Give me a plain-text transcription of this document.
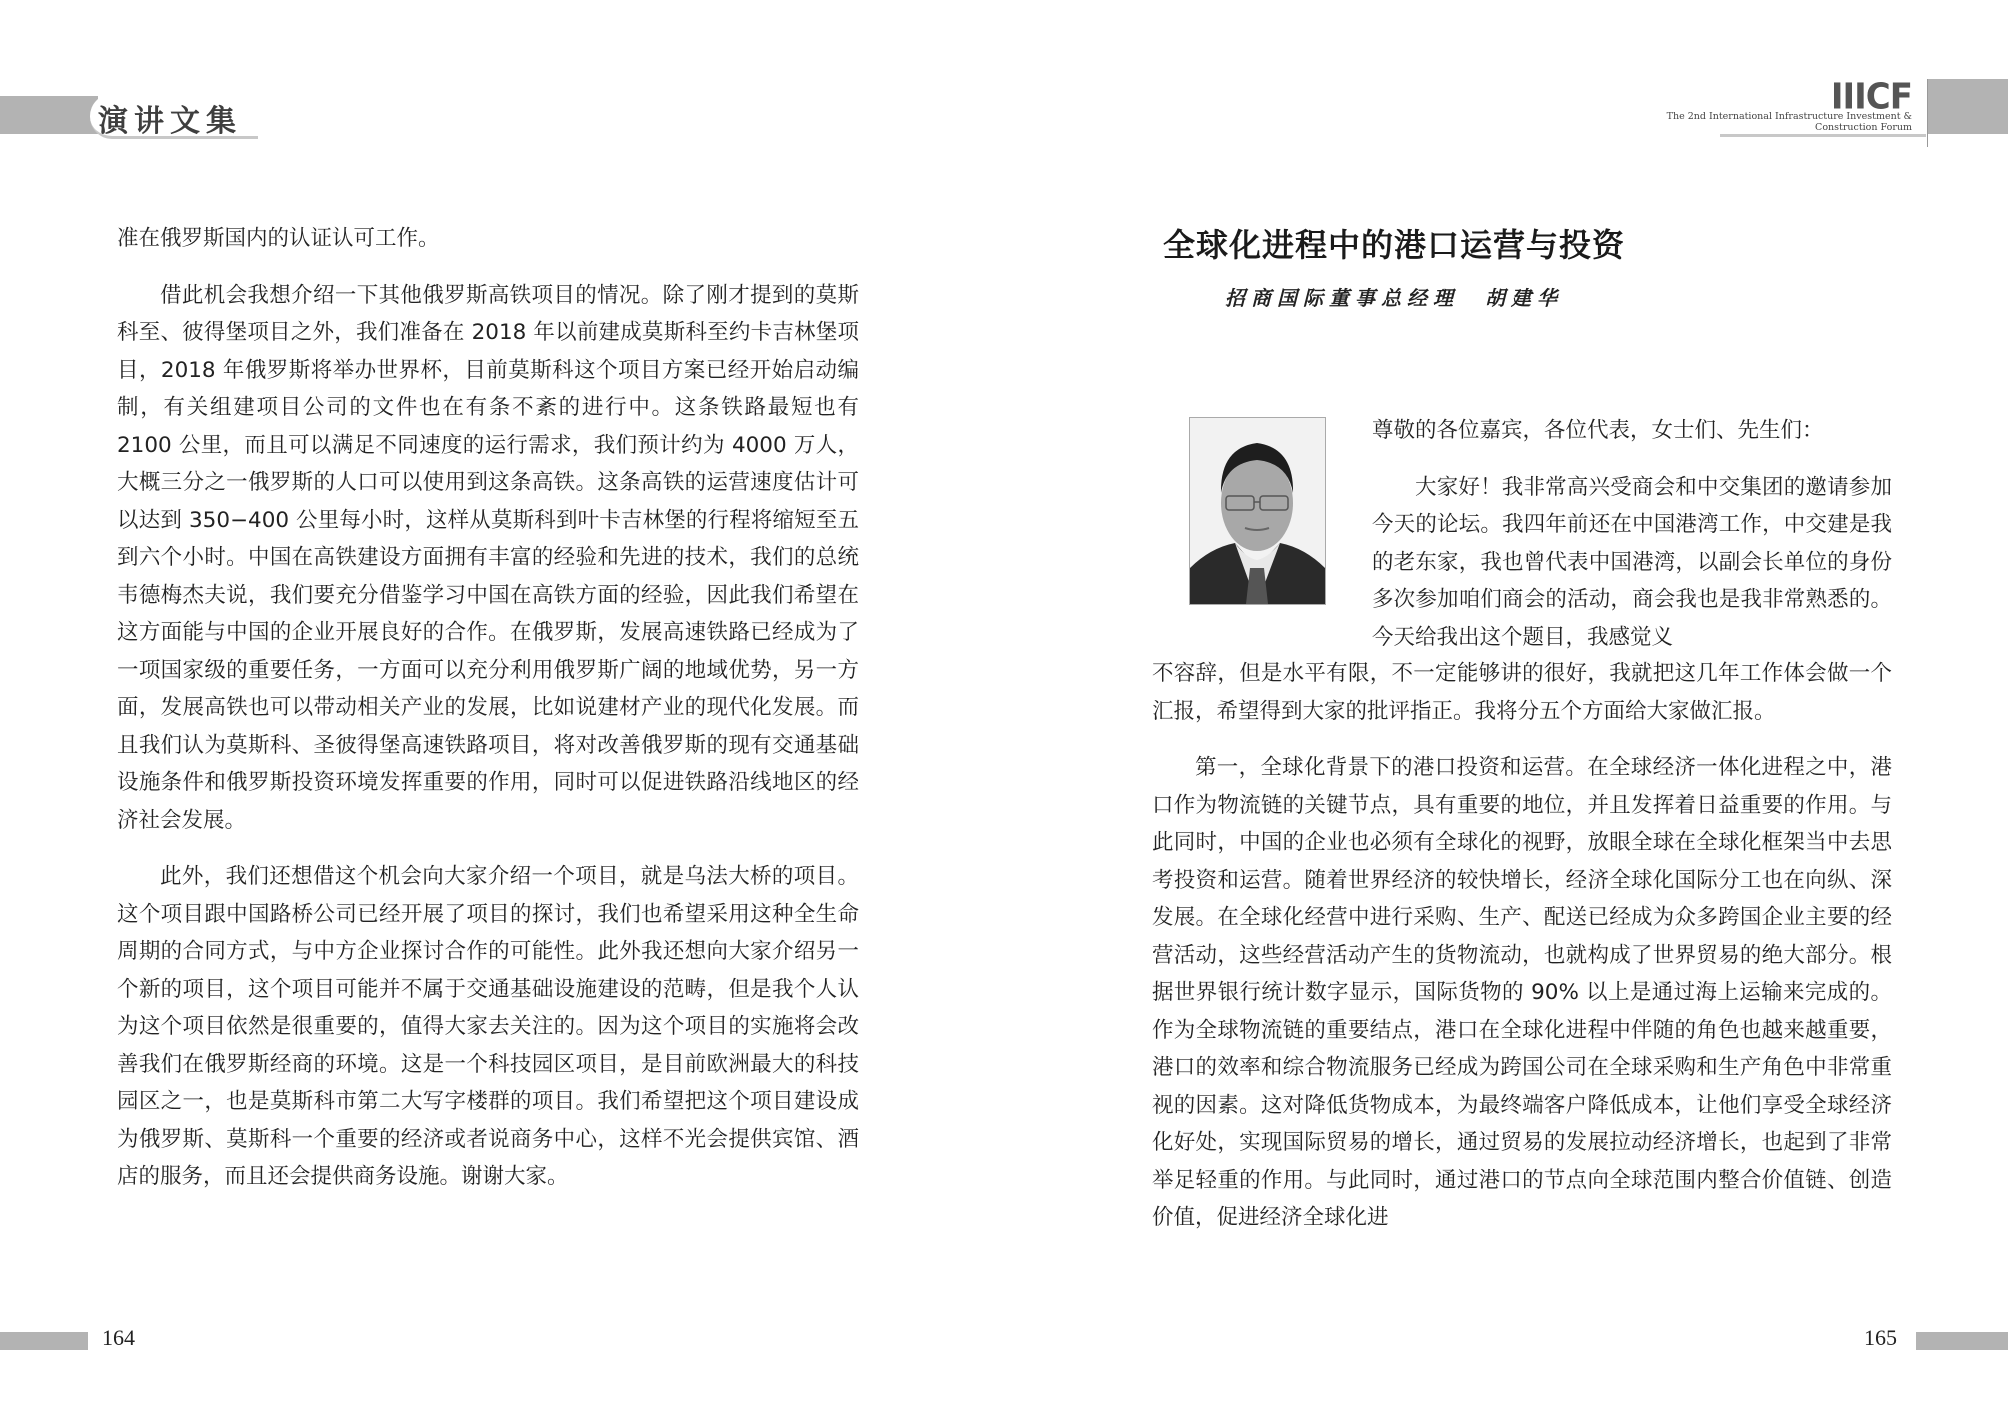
演讲文集

准在俄罗斯国内的认证认可工作。

借此机会我想介绍一下其他俄罗斯高铁项目的情况。除了刚才提到的莫斯科至、彼得堡项目之外，我们准备在 2018 年以前建成莫斯科至约卡吉林堡项目，2018 年俄罗斯将举办世界杯，目前莫斯科这个项目方案已经开始启动编制，有关组建项目公司的文件也在有条不紊的进行中。这条铁路最短也有 2100 公里，而且可以满足不同速度的运行需求，我们预计约为 4000 万人，大概三分之一俄罗斯的人口可以使用到这条高铁。这条高铁的运营速度估计可以达到 350−400 公里每小时，这样从莫斯科到叶卡吉林堡的行程将缩短至五到六个小时。中国在高铁建设方面拥有丰富的经验和先进的技术，我们的总统韦德梅杰夫说，我们要充分借鉴学习中国在高铁方面的经验，因此我们希望在这方面能与中国的企业开展良好的合作。在俄罗斯，发展高速铁路已经成为了一项国家级的重要任务，一方面可以充分利用俄罗斯广阔的地域优势，另一方面，发展高铁也可以带动相关产业的发展，比如说建材产业的现代化发展。而且我们认为莫斯科、圣彼得堡高速铁路项目，将对改善俄罗斯的现有交通基础设施条件和俄罗斯投资环境发挥重要的作用，同时可以促进铁路沿线地区的经济社会发展。

此外，我们还想借这个机会向大家介绍一个项目，就是乌法大桥的项目。这个项目跟中国路桥公司已经开展了项目的探讨，我们也希望采用这种全生命周期的合同方式，与中方企业探讨合作的可能性。此外我还想向大家介绍另一个新的项目，这个项目可能并不属于交通基础设施建设的范畴，但是我个人认为这个项目依然是很重要的，值得大家去关注的。因为这个项目的实施将会改善我们在俄罗斯经商的环境。这是一个科技园区项目，是目前欧洲最大的科技园区之一，也是莫斯科市第二大写字楼群的项目。我们希望把这个项目建设成为俄罗斯、莫斯科一个重要的经济或者说商务中心，这样不光会提供宾馆、酒店的服务，而且还会提供商务设施。谢谢大家。

164
IIICF
The 2nd International Infrastructure Investment &
Construction Forum
全球化进程中的港口运营与投资
招商国际董事总经理　胡建华

尊敬的各位嘉宾，各位代表，女士们、先生们：

大家好！我非常高兴受商会和中交集团的邀请参加今天的论坛。我四年前还在中国港湾工作，中交建是我的老东家，我也曾代表中国港湾，以副会长单位的身份多次参加咱们商会的活动，商会我也是我非常熟悉的。今天给我出这个题目，我感觉义

不容辞，但是水平有限，不一定能够讲的很好，我就把这几年工作体会做一个汇报，希望得到大家的批评指正。我将分五个方面给大家做汇报。

第一，全球化背景下的港口投资和运营。在全球经济一体化进程之中，港口作为物流链的关键节点，具有重要的地位，并且发挥着日益重要的作用。与此同时，中国的企业也必须有全球化的视野，放眼全球在全球化框架当中去思考投资和运营。随着世界经济的较快增长，经济全球化国际分工也在向纵、深发展。在全球化经营中进行采购、生产、配送已经成为众多跨国企业主要的经营活动，这些经营活动产生的货物流动，也就构成了世界贸易的绝大部分。根据世界银行统计数字显示，国际货物的 90% 以上是通过海上运输来完成的。作为全球物流链的重要结点，港口在全球化进程中伴随的角色也越来越重要，港口的效率和综合物流服务已经成为跨国公司在全球采购和生产角色中非常重视的因素。这对降低货物成本，为最终端客户降低成本，让他们享受全球经济化好处，实现国际贸易的增长，通过贸易的发展拉动经济增长，也起到了非常举足轻重的作用。与此同时，通过港口的节点向全球范围内整合价值链、创造价值，促进经济全球化进

165
